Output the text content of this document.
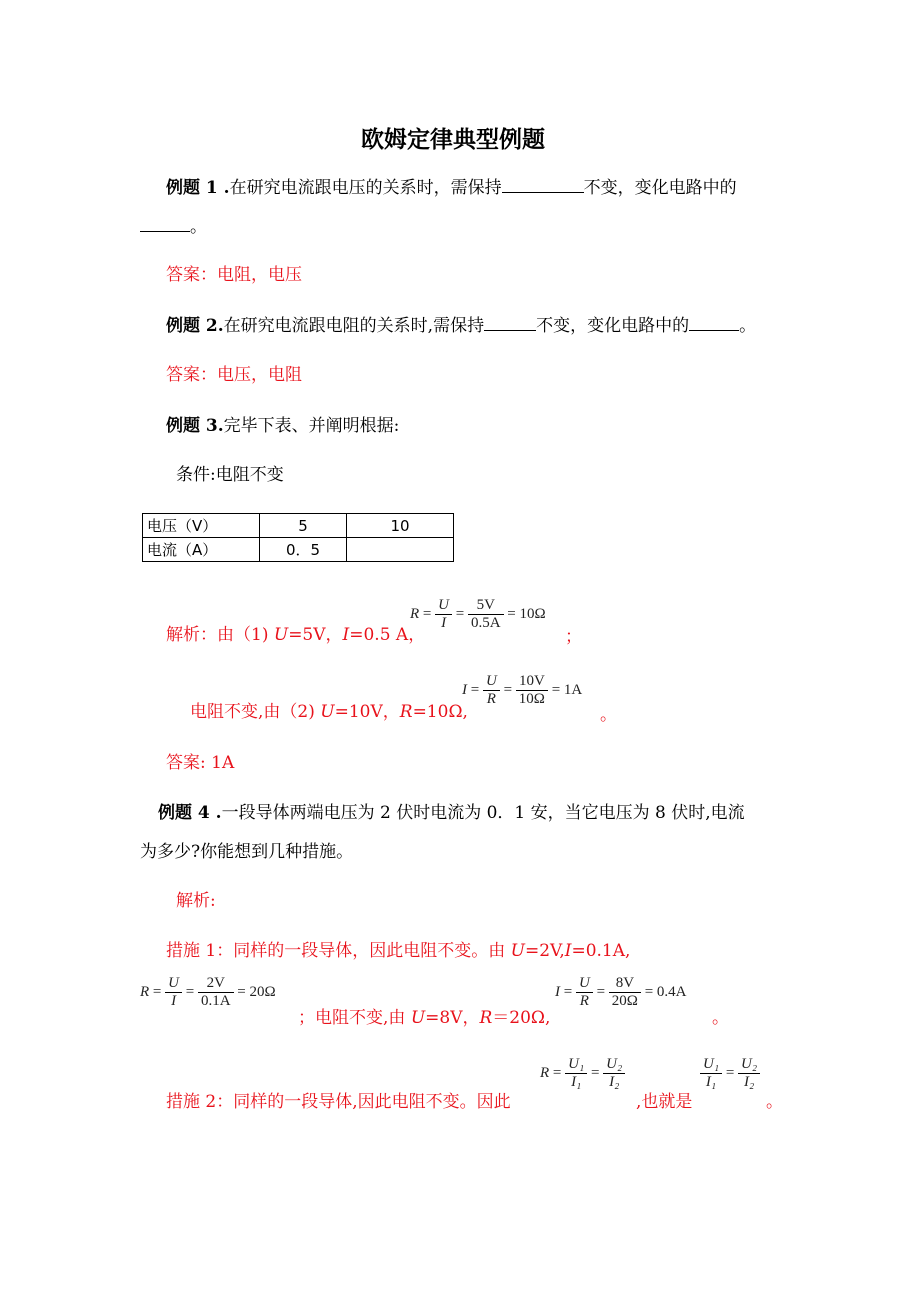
欧姆定律典型例题
例题 1 .在研究电流跟电压的关系时，需保持	不变，变化电路中的
。
答案：电阻，电压
例题 2.在研究电流跟电阻的关系时,需保持	不变，变化电路中的	。
答案：电压，电阻
例题 3.完毕下表、并阐明根据:
条件:电阻不变
电压（V）	5	10
电流（A）	0．5	
解析：由（1) U=5V，I=0.5 A，
$R = \frac{U}{I} = \frac{5V}{0.5A} = 10\Omega$
；
电阻不变,由（2) U=10V，R=10Ω,
$I = \frac{U}{R} = \frac{10V}{10\Omega} = 1A$
。
答案: 1A
例题 4 .一段导体两端电压为 2 伏时电流为 0．1 安，当它电压为 8 伏时,电流
为多少?你能想到几种措施。
解析:
措施 1：同样的一段导体，因此电阻不变。由 U=2V,I=0.1A,
$R = \frac{U}{I} = \frac{2V}{0.1A} = 20\Omega$
；电阻不变,由 U=8V，R＝20Ω,
$I = \frac{U}{R} = \frac{8V}{20\Omega} = 0.4A$
。
措施 2：同样的一段导体,因此电阻不变。因此
$R = \frac{\text{U₁}}{\text{I₁}} = \frac{\text{U₂}}{\text{I₂}}$
,也就是
$\frac{\text{U₁}}{\text{I₁}} = \frac{\text{U₂}}{\text{I₂}}$
。
